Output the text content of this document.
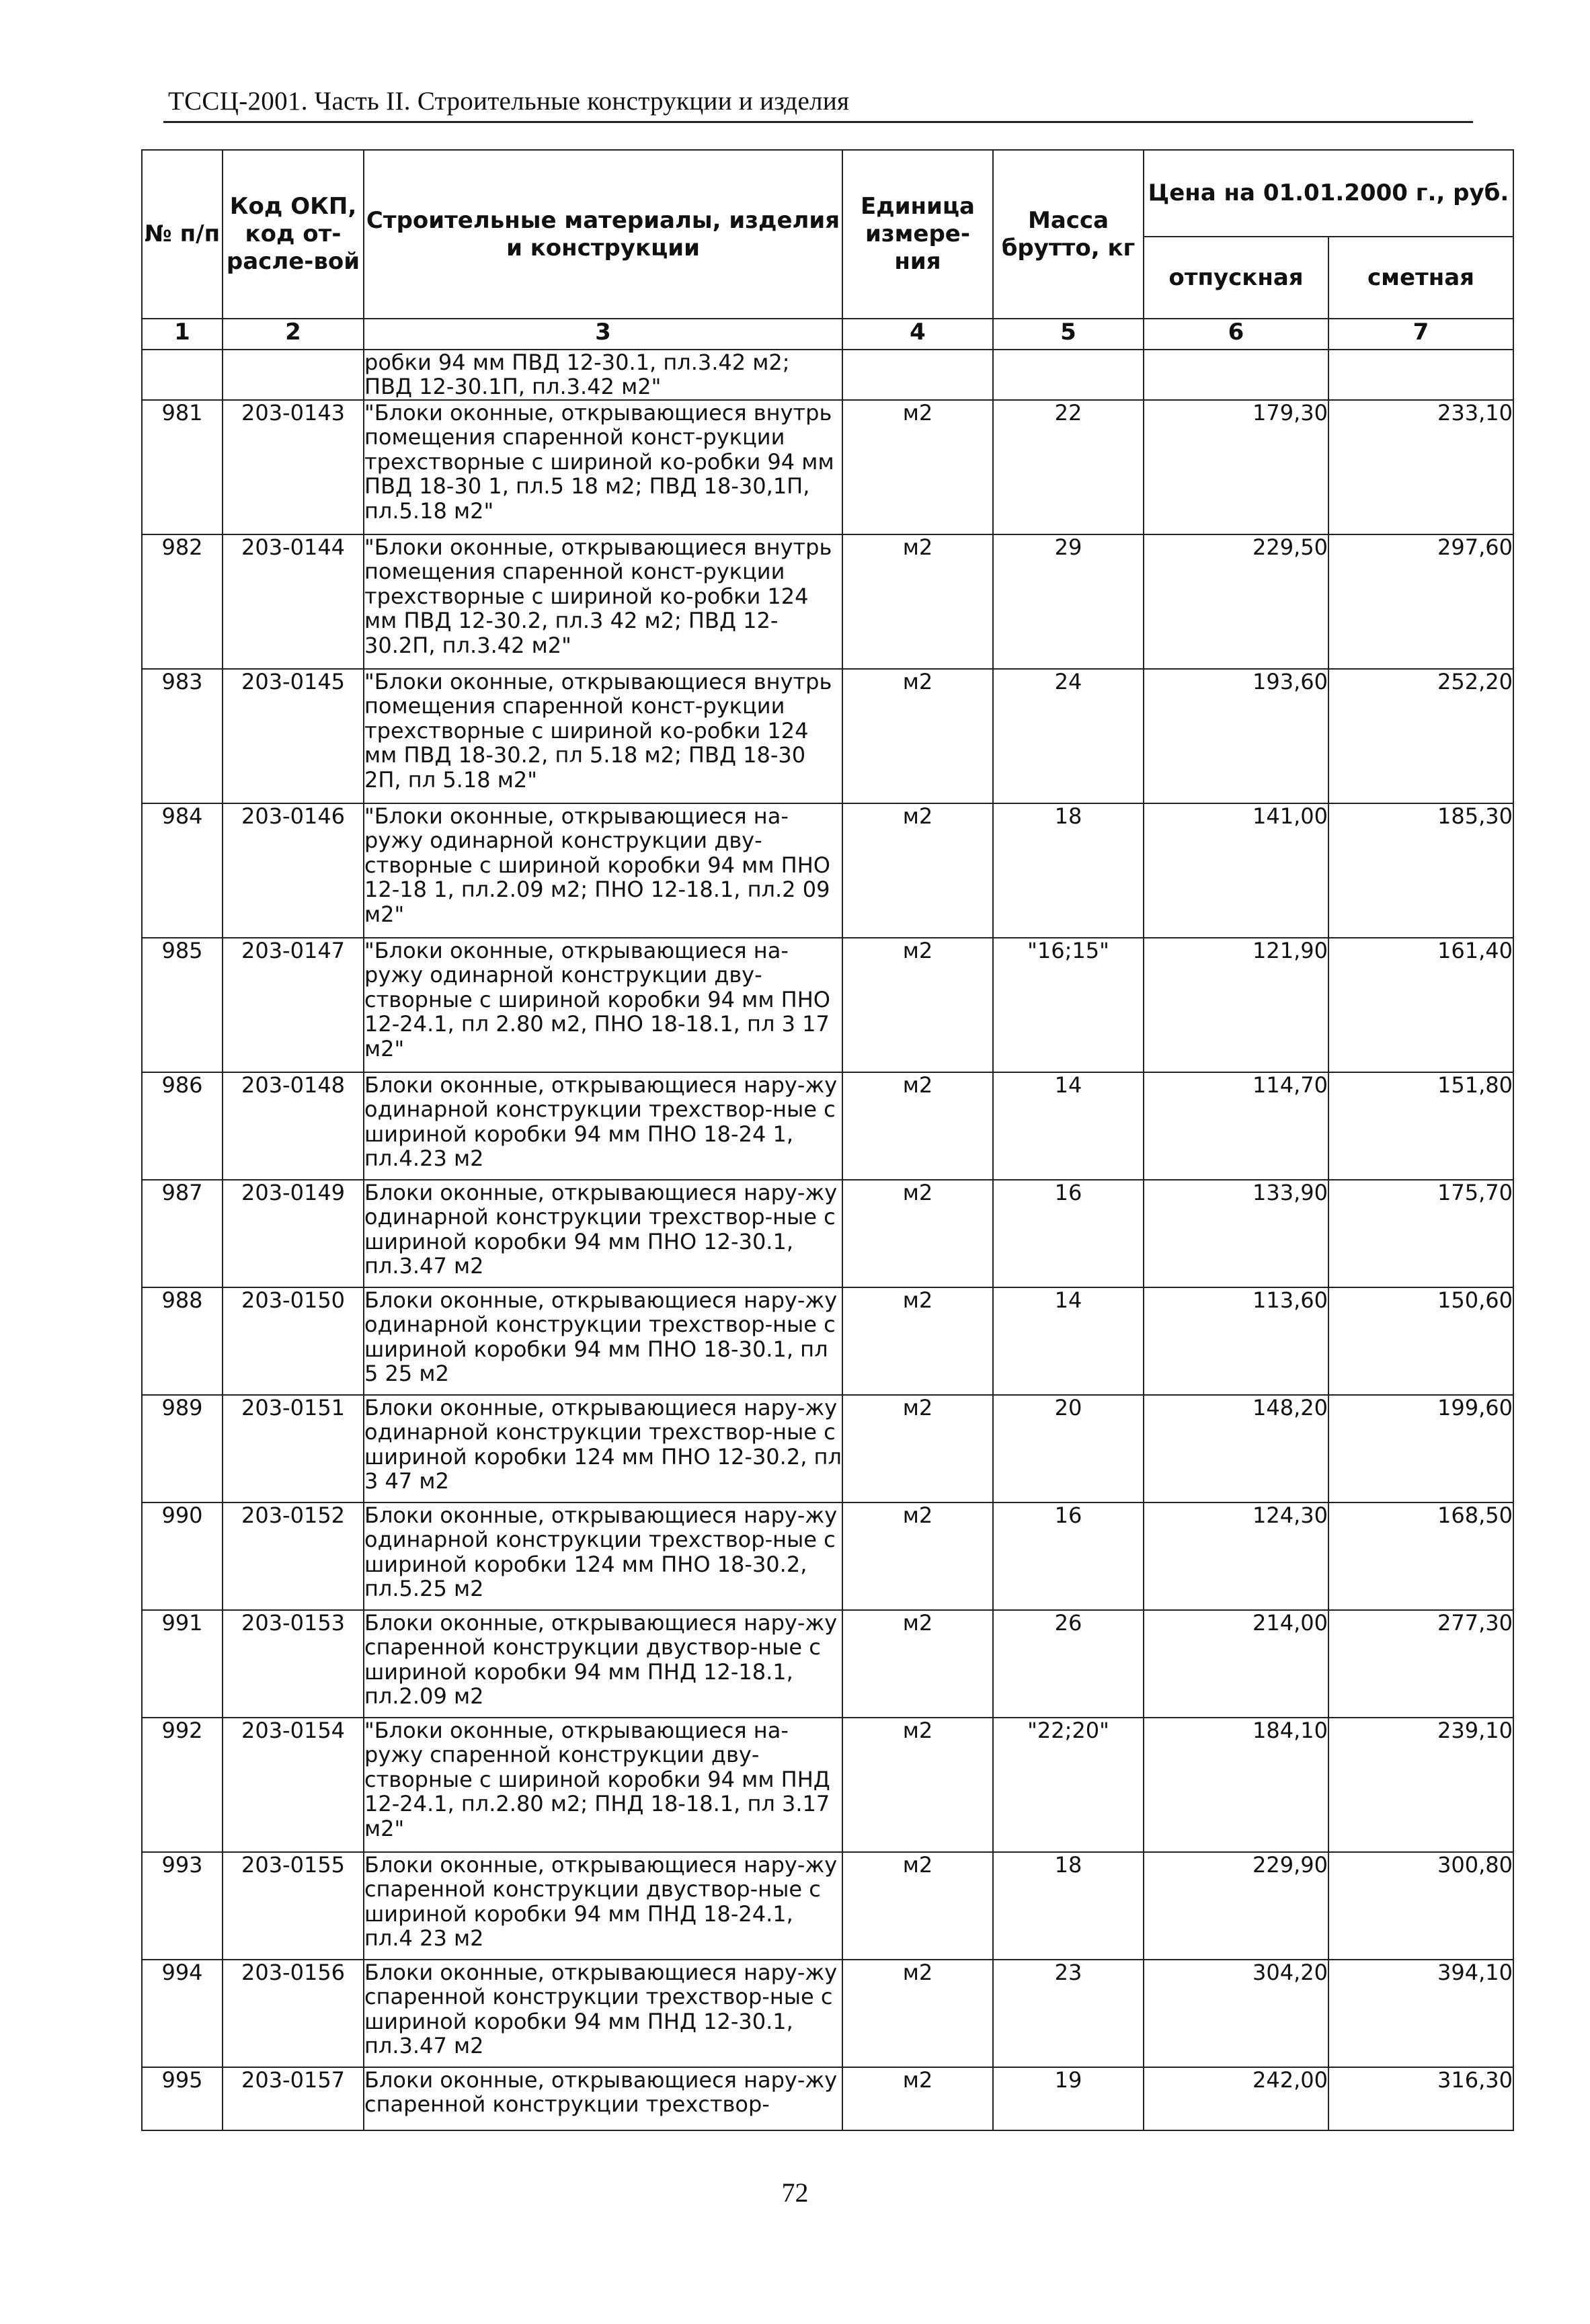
ТССЦ-2001. Часть II. Строительные конструкции и изделия
№ п/п	Код ОКП, код от-расле-вой	Строительные материалы, изделия и конструкции	Единица измере-ния	Масса брутто, кг	Цена на 01.01.2000 г., руб.	
					отпускная	сметная
1	2	3	4	5	6	7
		робки 94 мм ПВД 12-30.1, пл.3.42 м2; ПВД 12-30.1П, пл.3.42 м2"				
981	203-0143	"Блоки оконные, открывающиеся внутрь помещения спаренной конст-рукции трехстворные с шириной ко-робки 94 мм ПВД 18-30 1, пл.5 18 м2; ПВД 18-30,1П, пл.5.18 м2"	м2	22	179,30	233,10
982	203-0144	"Блоки оконные, открывающиеся внутрь помещения спаренной конст-рукции трехстворные с шириной ко-робки 124 мм ПВД 12-30.2, пл.3 42 м2; ПВД 12-30.2П, пл.3.42 м2"	м2	29	229,50	297,60
983	203-0145	"Блоки оконные, открывающиеся внутрь помещения спаренной конст-рукции трехстворные с шириной ко-робки 124 мм ПВД 18-30.2, пл 5.18 м2; ПВД 18-30 2П, пл 5.18 м2"	м2	24	193,60	252,20
984	203-0146	"Блоки оконные, открывающиеся на-ружу одинарной конструкции дву-створные с шириной коробки 94 мм ПНО 12-18 1, пл.2.09 м2; ПНО 12-18.1, пл.2 09 м2"	м2	18	141,00	185,30
985	203-0147	"Блоки оконные, открывающиеся на-ружу одинарной конструкции дву-створные с шириной коробки 94 мм ПНО 12-24.1, пл 2.80 м2, ПНО 18-18.1, пл 3 17 м2"	м2	"16;15"	121,90	161,40
986	203-0148	Блоки оконные, открывающиеся нару-жу одинарной конструкции трехствор-ные с шириной коробки 94 мм ПНО 18-24 1, пл.4.23 м2	м2	14	114,70	151,80
987	203-0149	Блоки оконные, открывающиеся нару-жу одинарной конструкции трехствор-ные с шириной коробки 94 мм ПНО 12-30.1, пл.3.47 м2	м2	16	133,90	175,70
988	203-0150	Блоки оконные, открывающиеся нару-жу одинарной конструкции трехствор-ные с шириной коробки 94 мм ПНО 18-30.1, пл 5 25 м2	м2	14	113,60	150,60
989	203-0151	Блоки оконные, открывающиеся нару-жу одинарной конструкции трехствор-ные с шириной коробки 124 мм ПНО 12-30.2, пл 3 47 м2	м2	20	148,20	199,60
990	203-0152	Блоки оконные, открывающиеся нару-жу одинарной конструкции трехствор-ные с шириной коробки 124 мм ПНО 18-30.2, пл.5.25 м2	м2	16	124,30	168,50
991	203-0153	Блоки оконные, открывающиеся нару-жу спаренной конструкции двуствор-ные с шириной коробки 94 мм ПНД 12-18.1, пл.2.09 м2	м2	26	214,00	277,30
992	203-0154	"Блоки оконные, открывающиеся на-ружу спаренной конструкции дву-створные с шириной коробки 94 мм ПНД 12-24.1, пл.2.80 м2; ПНД 18-18.1, пл 3.17 м2"	м2	"22;20"	184,10	239,10
993	203-0155	Блоки оконные, открывающиеся нару-жу спаренной конструкции двуствор-ные с шириной коробки 94 мм ПНД 18-24.1, пл.4 23 м2	м2	18	229,90	300,80
994	203-0156	Блоки оконные, открывающиеся нару-жу спаренной конструкции трехствор-ные с шириной коробки 94 мм ПНД 12-30.1, пл.3.47 м2	м2	23	304,20	394,10
995	203-0157	Блоки оконные, открывающиеся нару-жу спаренной конструкции трехствор-	м2	19	242,00	316,30
72
